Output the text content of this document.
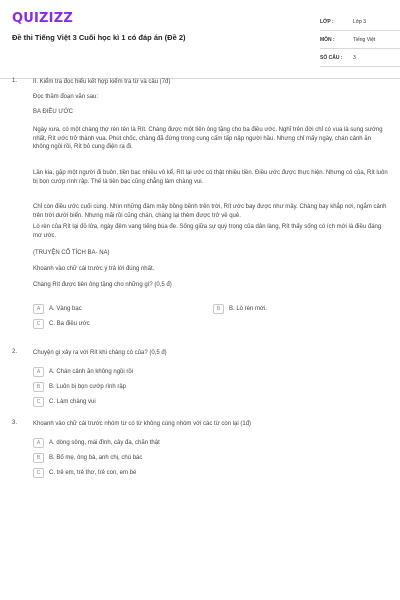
QUIZIZZ
Đề thi Tiếng Việt 3 Cuối học kì 1 có đáp án (Đề 2)
LỚP :	Lớp 3
MÔN :	Tiếng Việt
SỐ CÂU :	3
1.	II. Kiểm tra đọc hiểu kết hợp kiểm tra từ và câu (7đ)
Đọc thầm đoạn văn sau:
BA ĐIỀU ƯỚC
Ngày xưa, có một chàng thợ rèn tên là Rít. Chàng được một tiên ông tặng cho ba điều ước. Nghĩ trên đời chỉ có vua là sung sướng nhất, Rít ước trở thành vua. Phút chốc, chàng đã đứng trong cung cấm tấp nập người hầu. Nhưng chỉ mấy ngày, chán cảnh ăn không ngồi rồi, Rít bỏ cung điện ra đi.
Lần kia, gặp một người đi buôn, tiền bạc nhiều vô kể, Rít lại ước có thật nhiều tiền. Điều ước được thực hiện. Nhưng có của, Rít luôn bị bọn cướp rình rập. Thế là tiền bạc cũng chẳng làm chàng vui.
Chỉ còn điều ước cuối cùng. Nhìn những đám mây bồng bềnh trên trời, Rít ước bay được như mây. Chàng bay khắp nơi, ngắm cảnh trên trời dưới biển. Nhưng mãi rồi cũng chán, chàng lại thèm được trở về quê.
Lò rèn của Rít lại đỏ lửa, ngày đêm vang tiếng búa đe. Sống giữa sự quý trọng của dân làng, Rít thấy sống có ích mới là điều đáng mơ ước.
(TRUYỆN CỔ TÍCH BA- NA)
Khoanh vào chữ cái trước ý trả lời đúng nhất.
Chàng Rít được tiên ông tặng cho những gì? (0,5 đ)
A	A. Vàng bạc	B	B. Lò rèn mới.
C	C. Ba điều ước
2.	Chuyện gì xảy ra với Rít khi chàng có của? (0,5 đ)
A	A. Chán cảnh ăn không ngồi rồi
B	B. Luôn bị bọn cướp rình rập
C	C. Làm chàng vui
3.	Khoanh vào chữ cái trước nhóm từ có từ không cùng nhóm với các từ còn lại (1đ)
A	A. dòng sông, mái đình, cây đa, chăn thật
B	B. Bố mẹ, ông bà, anh chị, chú bác
C	C. trẻ em, trẻ thơ, trẻ con, em bé
